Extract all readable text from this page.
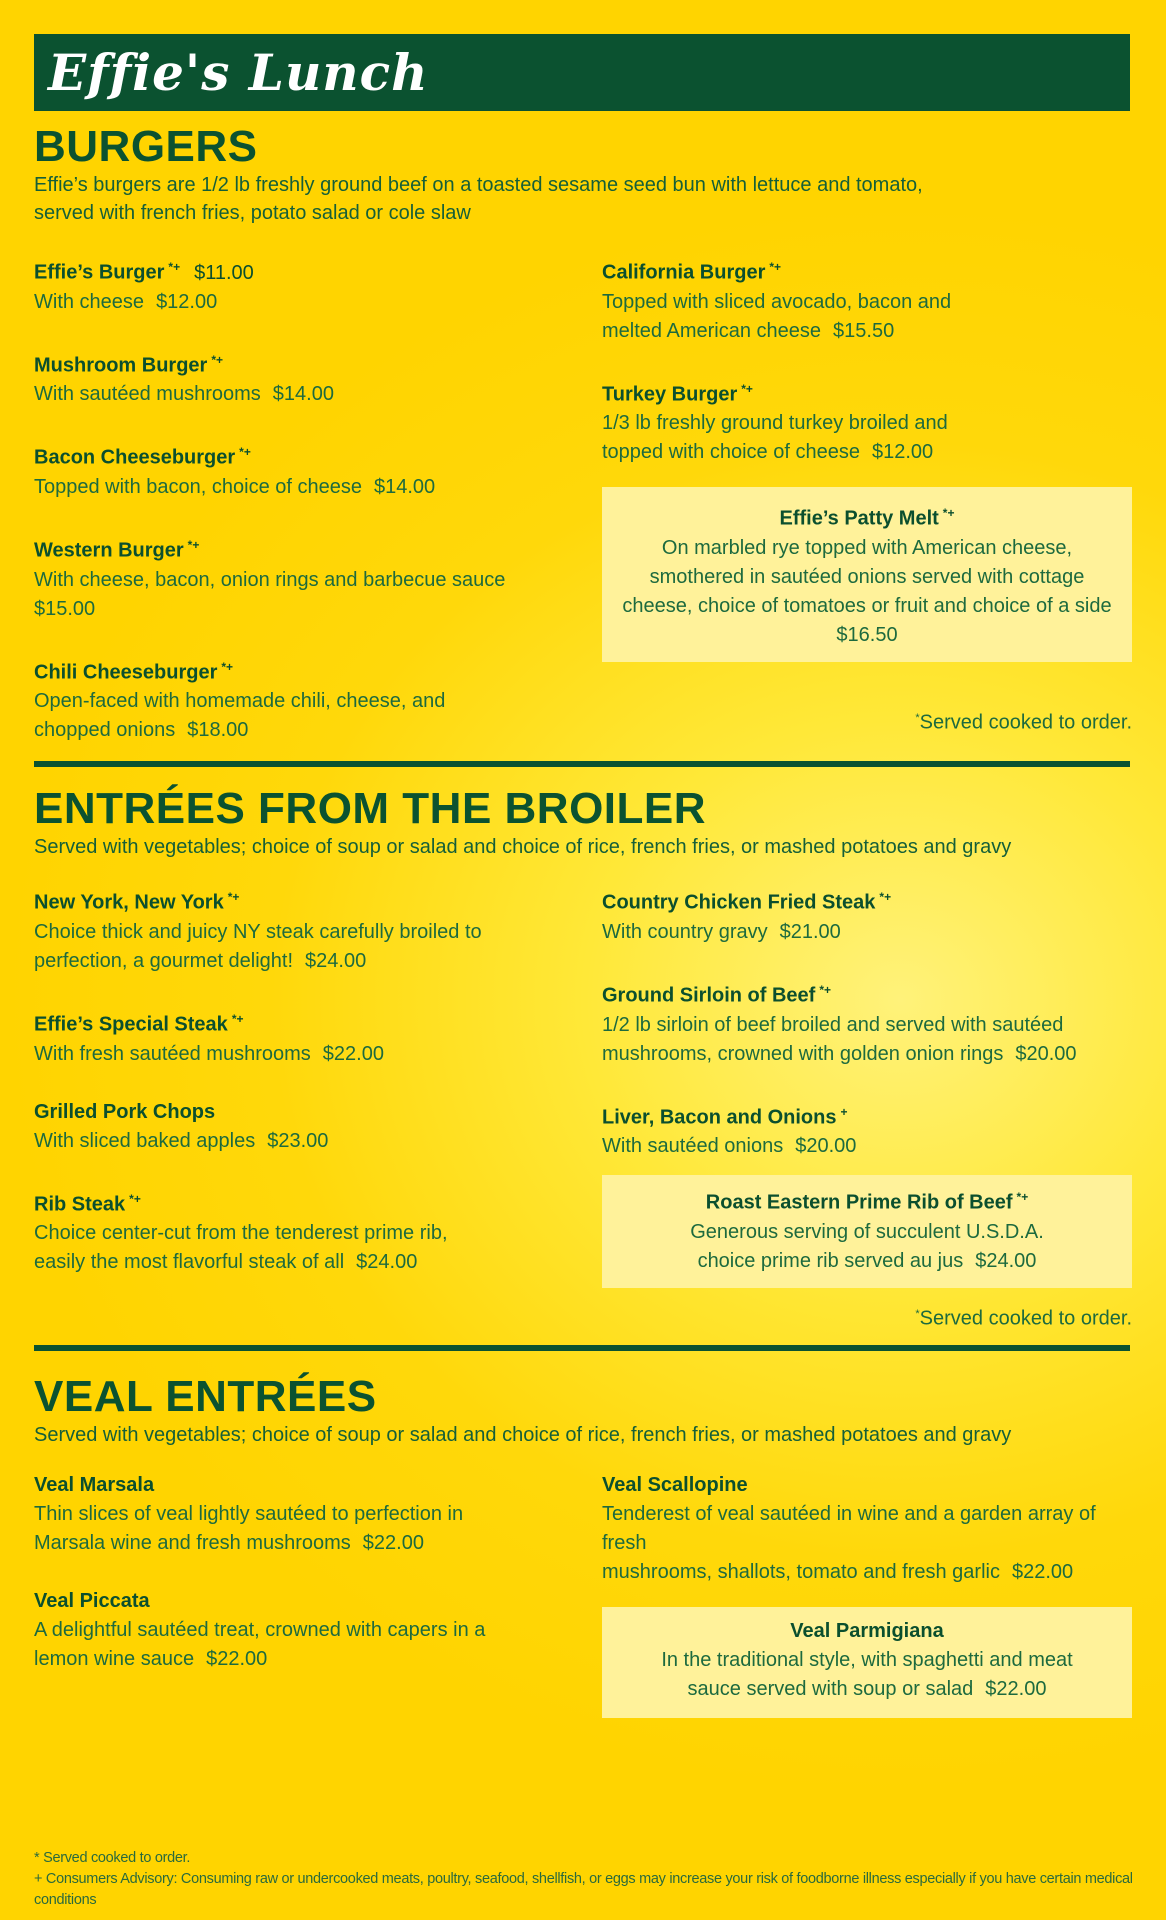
Effie's Lunch
BURGERS
Effie’s burgers are 1/2 lb freshly ground beef on a toasted sesame seed bun with lettuce and tomato,
served with french fries, potato salad or cole slaw
Effie’s Burger *+ $11.00
With cheese $12.00
Mushroom Burger *+
With sautéed mushrooms $14.00
Bacon Cheeseburger *+
Topped with bacon, choice of cheese $14.00
Western Burger *+
With cheese, bacon, onion rings and barbecue sauce
$15.00
Chili Cheeseburger *+
Open-faced with homemade chili, cheese, and
chopped onions $18.00
California Burger *+
Topped with sliced avocado, bacon and
melted American cheese $15.50
Turkey Burger *+
1/3 lb freshly ground turkey broiled and
topped with choice of cheese $12.00
Effie’s Patty Melt *+
On marbled rye topped with American cheese,
smothered in sautéed onions served with cottage
cheese, choice of tomatoes or fruit and choice of a side
$16.50
*Served cooked to order.
ENTRÉES FROM THE BROILER
Served with vegetables; choice of soup or salad and choice of rice, french fries, or mashed potatoes and gravy
New York, New York *+
Choice thick and juicy NY steak carefully broiled to
perfection, a gourmet delight! $24.00
Effie’s Special Steak *+
With fresh sautéed mushrooms $22.00
Grilled Pork Chops
With sliced baked apples $23.00
Rib Steak *+
Choice center-cut from the tenderest prime rib,
easily the most flavorful steak of all $24.00
Country Chicken Fried Steak *+
With country gravy $21.00
Ground Sirloin of Beef *+
1/2 lb sirloin of beef broiled and served with sautéed
mushrooms, crowned with golden onion rings $20.00
Liver, Bacon and Onions +
With sautéed onions $20.00
Roast Eastern Prime Rib of Beef *+
Generous serving of succulent U.S.D.A.
choice prime rib served au jus $24.00
*Served cooked to order.
VEAL ENTRÉES
Served with vegetables; choice of soup or salad and choice of rice, french fries, or mashed potatoes and gravy
Veal Marsala
Thin slices of veal lightly sautéed to perfection in
Marsala wine and fresh mushrooms $22.00
Veal Piccata
A delightful sautéed treat, crowned with capers in a
lemon wine sauce $22.00
Veal Scallopine
Tenderest of veal sautéed in wine and a garden array of fresh
mushrooms, shallots, tomato and fresh garlic $22.00
Veal Parmigiana
In the traditional style, with spaghetti and meat
sauce served with soup or salad $22.00
* Served cooked to order.
+ Consumers Advisory: Consuming raw or undercooked meats, poultry, seafood, shellfish, or eggs may increase your risk of foodborne illness especially if you have certain medical conditions
